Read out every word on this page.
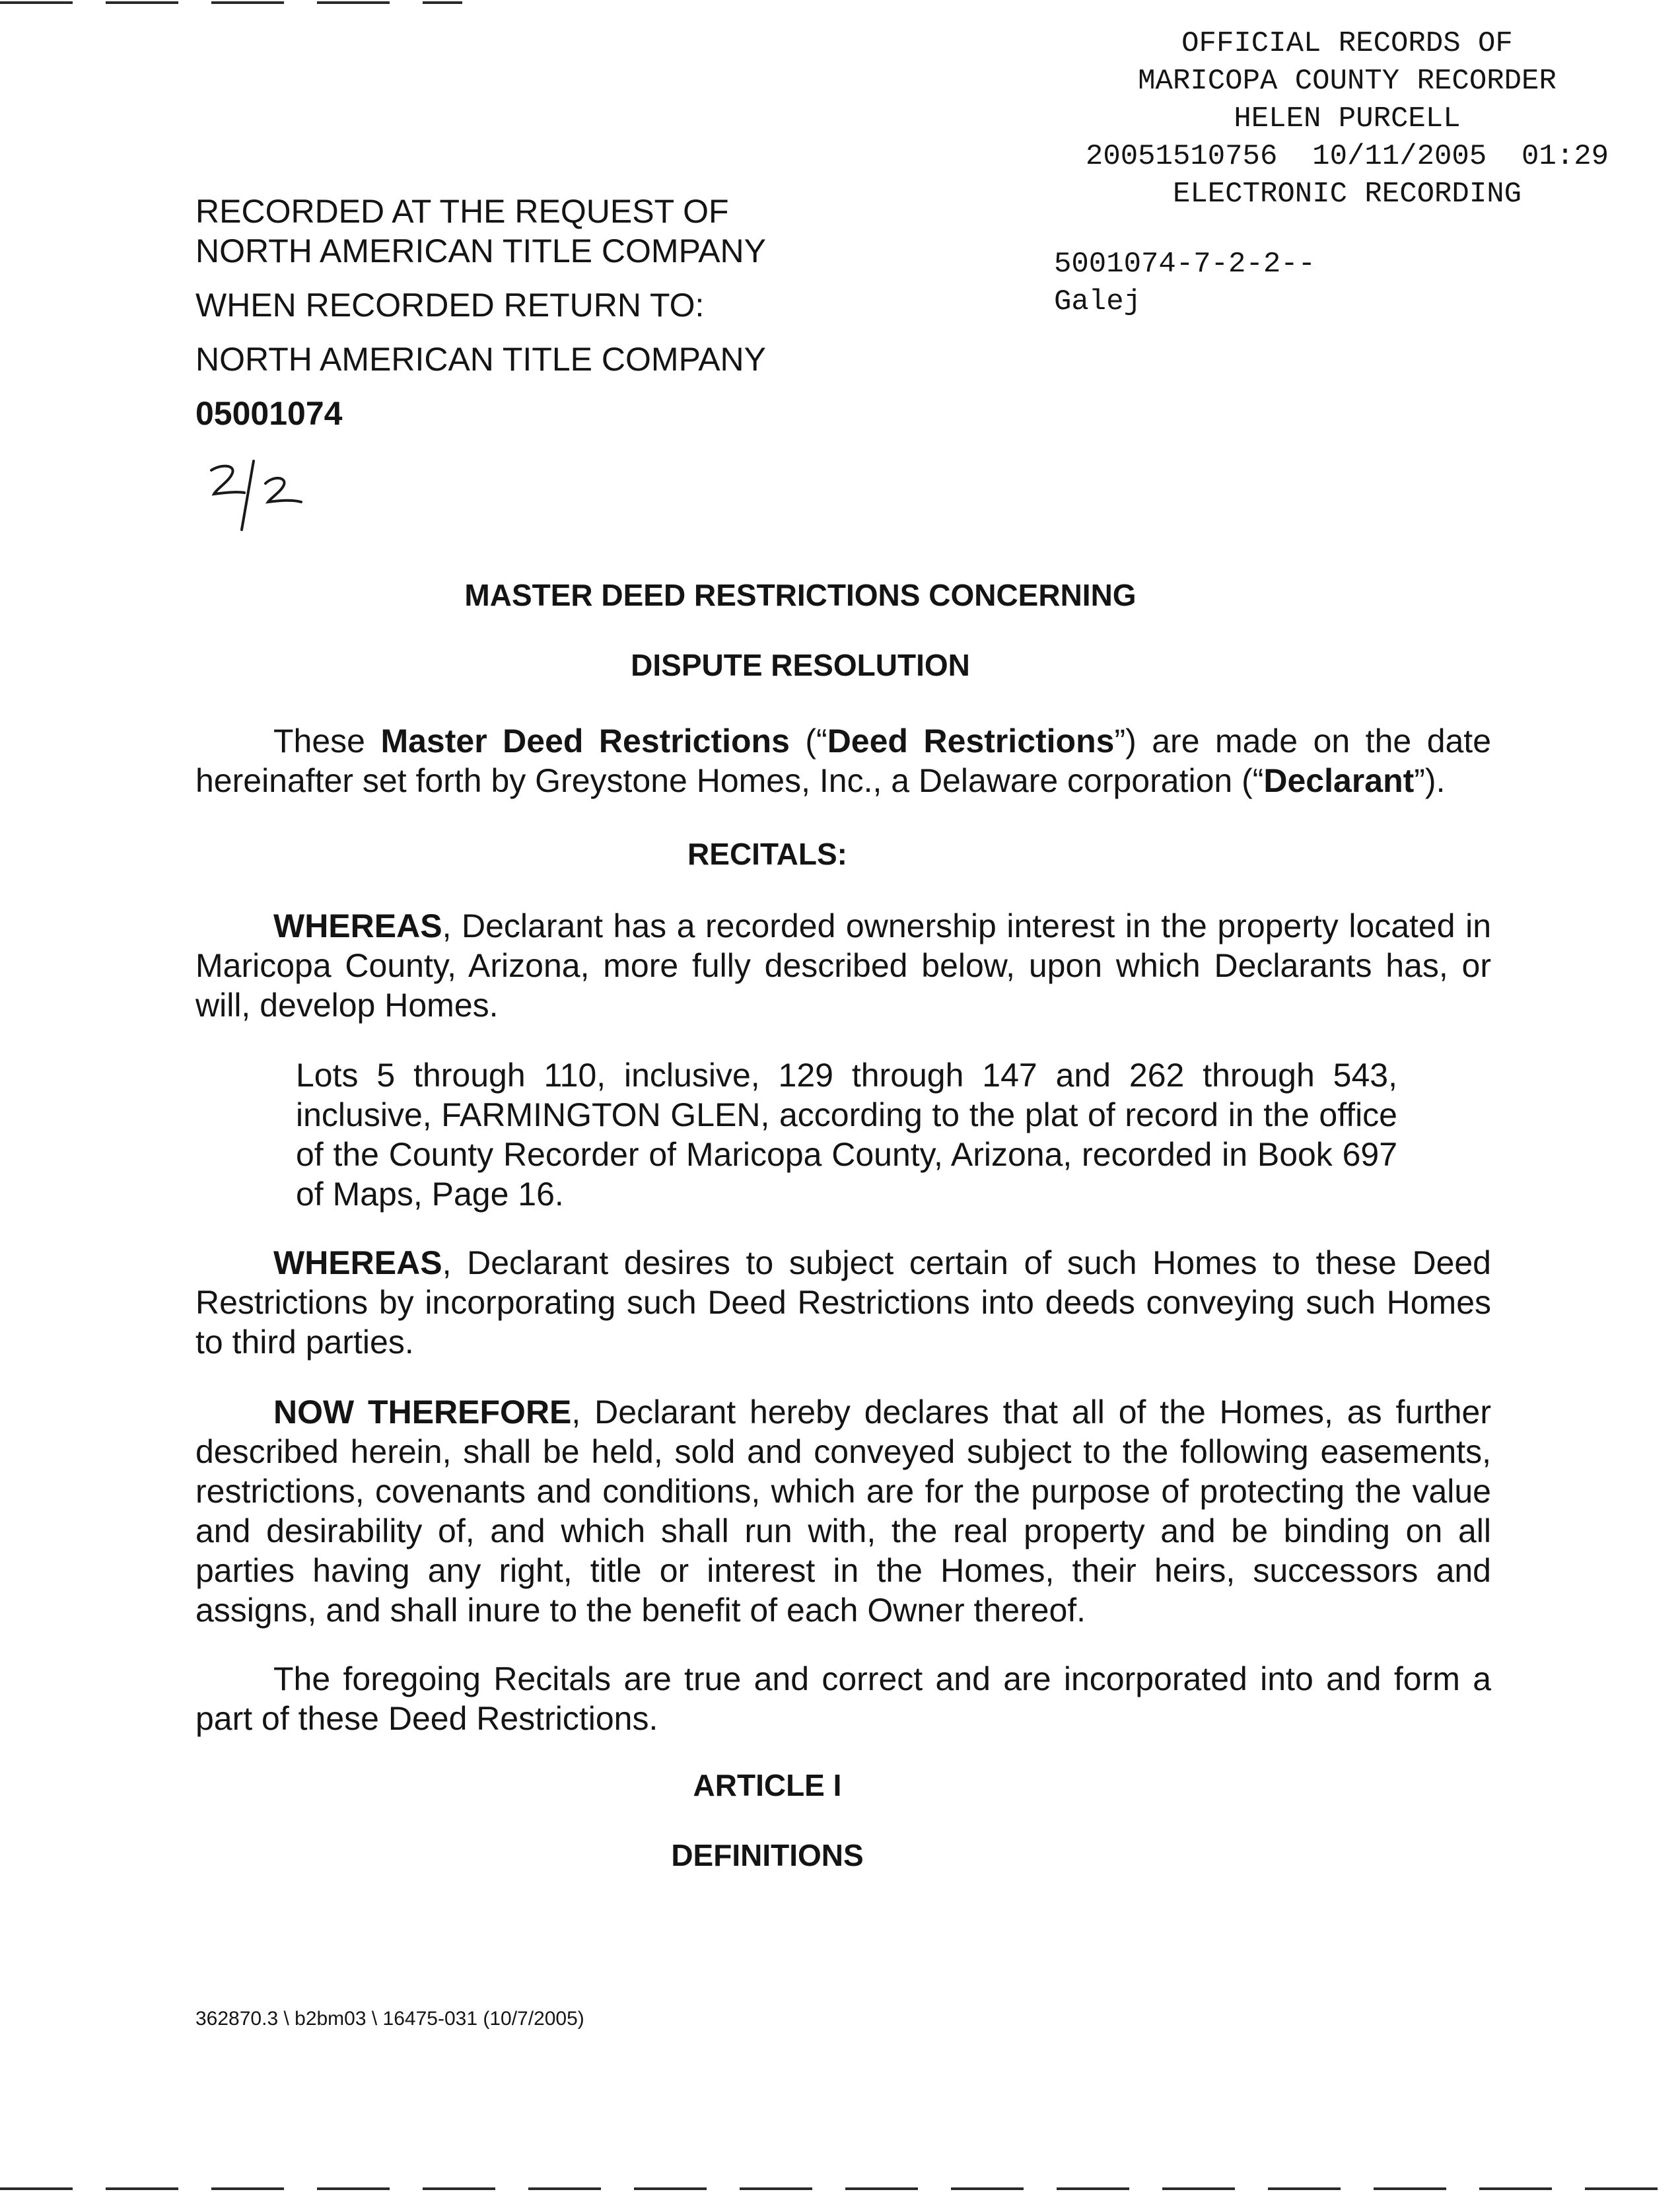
OFFICIAL RECORDS OF
MARICOPA COUNTY RECORDER
HELEN PURCELL
20051510756  10/11/2005  01:29
ELECTRONIC RECORDING
5001074-7-2-2--
Galej
RECORDED AT THE REQUEST OF
NORTH AMERICAN TITLE COMPANY
WHEN RECORDED RETURN TO:
NORTH AMERICAN TITLE COMPANY
05001074
MASTER DEED RESTRICTIONS CONCERNING
DISPUTE RESOLUTION
These Master Deed Restrictions (“Deed Restrictions”) are made on the date hereinafter set forth by Greystone Homes, Inc., a Delaware corporation (“Declarant”).
RECITALS:
WHEREAS, Declarant has a recorded ownership interest in the property located in Maricopa County, Arizona, more fully described below, upon which Declarants has, or will, develop Homes.
Lots 5 through 110, inclusive, 129 through 147 and 262 through 543, inclusive, FARMINGTON GLEN, according to the plat of record in the office of the County Recorder of Maricopa County, Arizona, recorded in Book 697 of Maps, Page 16.
WHEREAS, Declarant desires to subject certain of such Homes to these Deed Restrictions by incorporating such Deed Restrictions into deeds conveying such Homes to third parties.
NOW THEREFORE, Declarant hereby declares that all of the Homes, as further described herein, shall be held, sold and conveyed subject to the following easements, restrictions, covenants and conditions, which are for the purpose of protecting the value and desirability of, and which shall run with, the real property and be binding on all parties having any right, title or interest in the Homes, their heirs, successors and assigns, and shall inure to the benefit of each Owner thereof.
The foregoing Recitals are true and correct and are incorporated into and form a part of these Deed Restrictions.
ARTICLE I
DEFINITIONS
362870.3 \ b2bm03 \ 16475-031 (10/7/2005)
